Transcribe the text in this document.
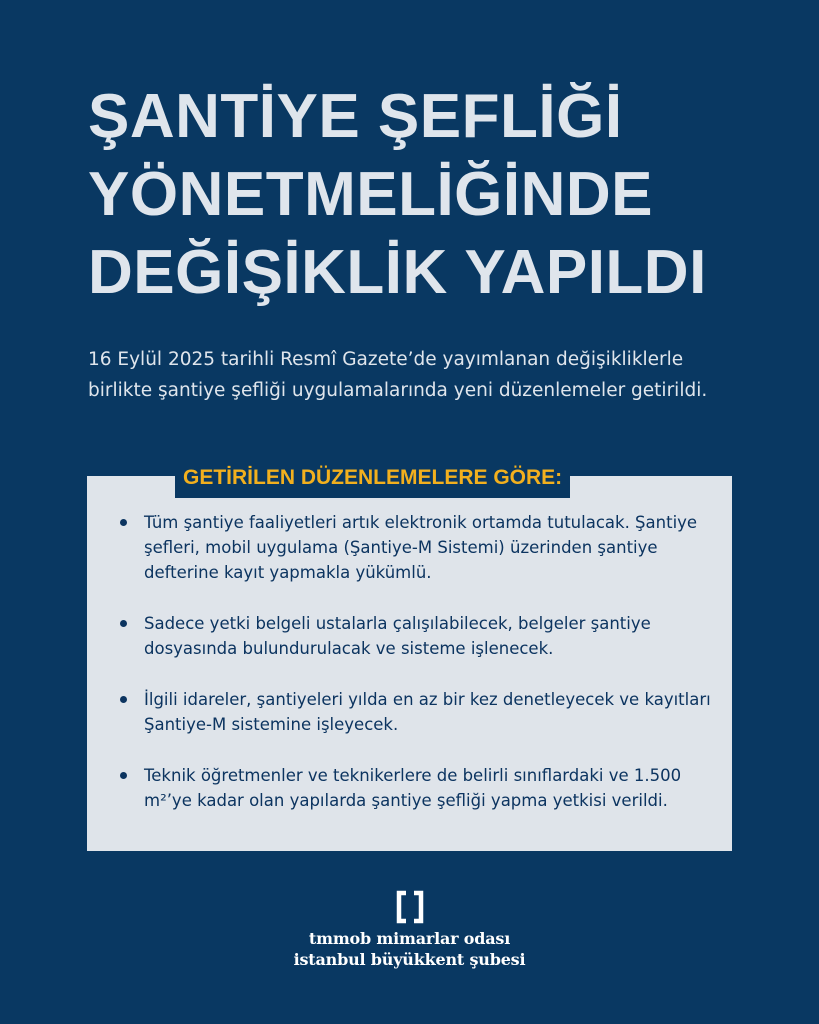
ŞANTİYE ŞEFLİĞİ
YÖNETMELİĞİNDE
DEĞİŞİKLİK YAPILDI

16 Eylül 2025 tarihli Resmî Gazete’de yayımlanan değişikliklerle birlikte şantiye şefliği uygulamalarında yeni düzenlemeler getirildi.

GETİRİLEN DÜZENLEMELERE GÖRE:
Tüm şantiye faaliyetleri artık elektronik ortamda tutulacak. Şantiye şefleri, mobil uygulama (Şantiye-M Sistemi) üzerinden şantiye defterine kayıt yapmakla yükümlü.
Sadece yetki belgeli ustalarla çalışılabilecek, belgeler şantiye dosyasında bulundurulacak ve sisteme işlenecek.
İlgili idareler, şantiyeleri yılda en az bir kez denetleyecek ve kayıtları Şantiye-M sistemine işleyecek.
Teknik öğretmenler ve teknikerlere de belirli sınıflardaki ve 1.500 m²’ye kadar olan yapılarda şantiye şefliği yapma yetkisi verildi.
tmmob mimarlar odası
istanbul büyükkent şubesi
